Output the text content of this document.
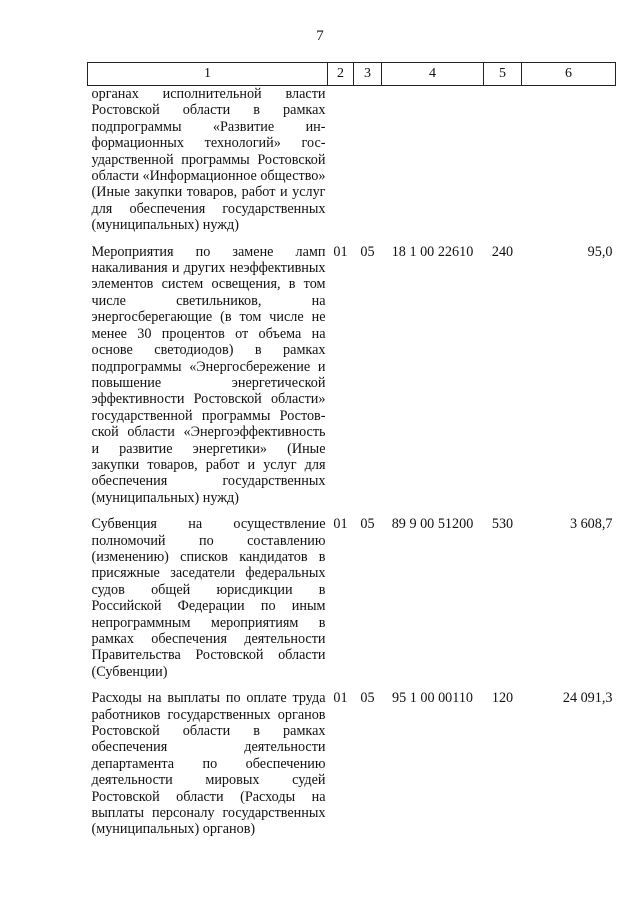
7
1	2	3	4	5	6
органах исполнительной власти Ростовской области в рамках подпрограммы «Развитие информационных технологий» государственной программы Ростовской области «Информационное общество» (Иные закупки товаров, работ и услуг для обеспечения государственных (муниципальных) нужд)					
Мероприятия по замене ламп накаливания и других неэффективных элементов систем освещения, в том числе светильников, на энергосберегающие (в том числе не менее 30 процентов от объема на основе светодиодов) в рамках подпрограммы «Энергосбережение и повышение энергетической эффективности Ростовской области» государственной программы Ростовской области «Энергоэффективность и развитие энергетики» (Иные закупки товаров, работ и услуг для обеспечения государственных (муниципальных) нужд)	01	05	18 1 00 22610	240	95,0
Субвенция на осуществление полномочий по составлению (изменению) списков кандидатов в присяжные заседатели федеральных судов общей юрисдикции в Российской Федерации по иным непрограммным мероприятиям в рамках обеспечения деятельности Правительства Ростовской области (Субвенции)	01	05	89 9 00 51200	530	3 608,7
Расходы на выплаты по оплате труда работников государственных органов Ростовской области в рамках обеспечения деятельности департамента по обеспечению деятельности мировых судей Ростовской области (Расходы на выплаты персоналу государственных (муниципальных) органов)	01	05	95 1 00 00110	120	24 091,3
